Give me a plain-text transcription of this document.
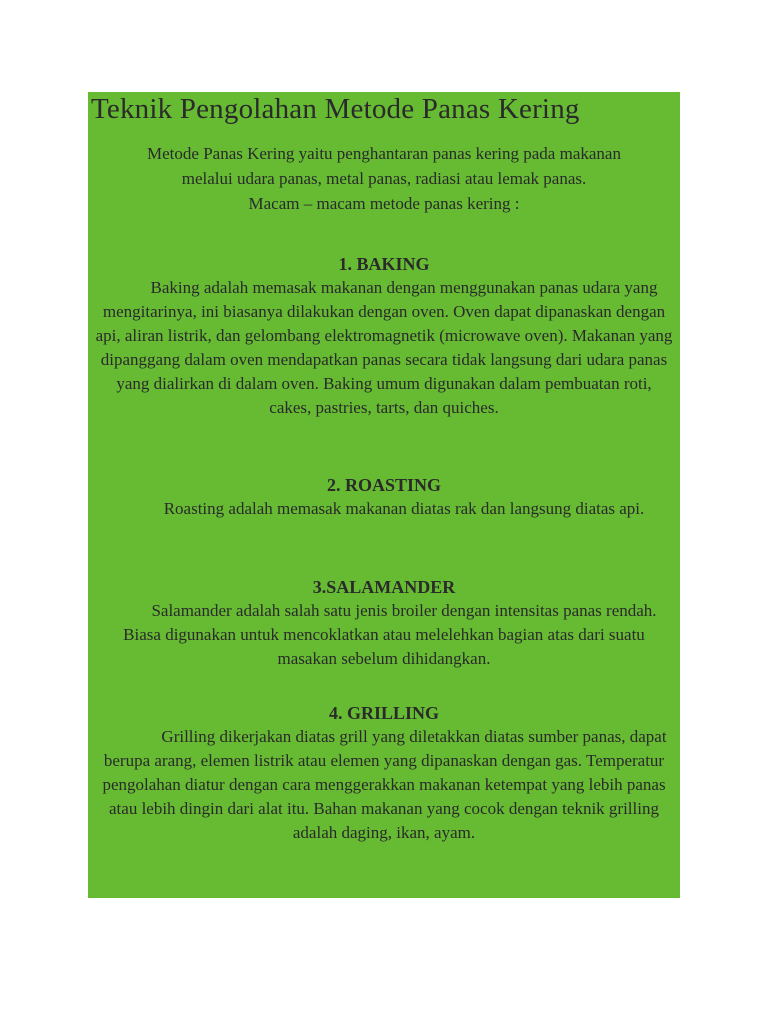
Teknik Pengolahan Metode Panas Kering

Metode Panas Kering yaitu penghantaran panas kering pada makanan

melalui udara panas, metal panas, radiasi atau lemak panas.

Macam – macam metode panas kering :

1. BAKING

Baking adalah memasak makanan dengan menggunakan panas udara yang mengitarinya, ini biasanya dilakukan dengan oven. Oven dapat dipanaskan dengan api, aliran listrik, dan gelombang elektromagnetik (microwave oven). Makanan yang dipanggang dalam oven mendapatkan panas secara tidak langsung dari udara panas yang dialirkan di dalam oven. Baking umum digunakan dalam pembuatan roti, cakes, pastries, tarts, dan quiches.

2. ROASTING

Roasting adalah memasak makanan diatas rak dan langsung diatas api.

3.SALAMANDER

Salamander adalah salah satu jenis broiler dengan intensitas panas rendah. Biasa digunakan untuk mencoklatkan atau melelehkan bagian atas dari suatu masakan sebelum dihidangkan.

4. GRILLING

Grilling dikerjakan diatas grill yang diletakkan diatas sumber panas, dapat berupa arang, elemen listrik atau elemen yang dipanaskan dengan gas. Temperatur pengolahan diatur dengan cara menggerakkan makanan ketempat yang lebih panas atau lebih dingin dari alat itu. Bahan makanan yang cocok dengan teknik grilling adalah daging, ikan, ayam.
